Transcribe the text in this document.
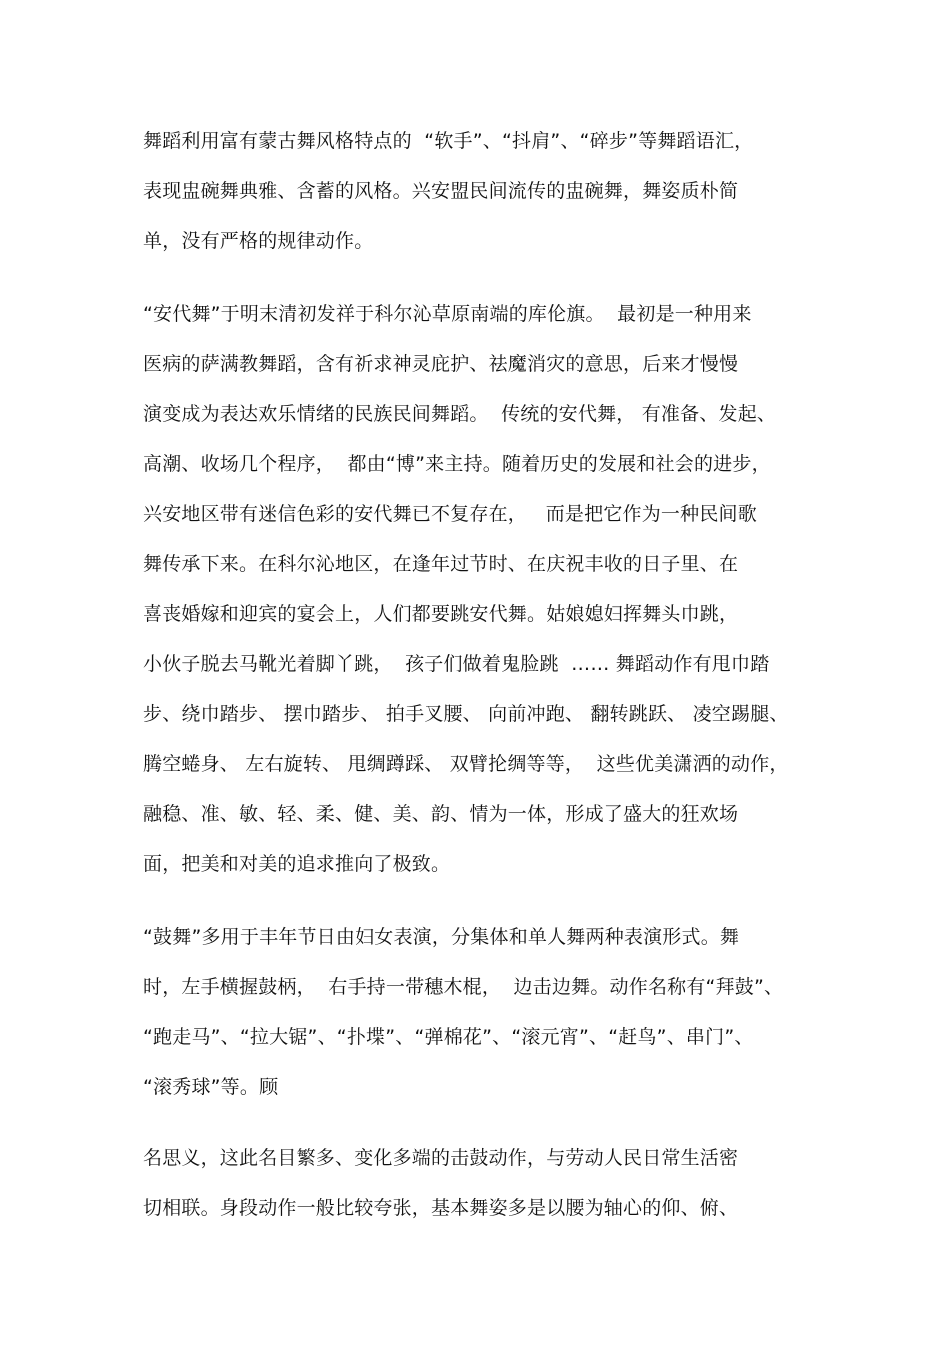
舞蹈利用富有蒙古舞风格特点的  “软手”、“抖肩”、“碎步”等舞蹈语汇，
表现盅碗舞典雅、含蓄的风格。兴安盟民间流传的盅碗舞，舞姿质朴简
单，没有严格的规律动作。
“安代舞”于明末清初发祥于科尔沁草原南端的库伦旗。  最初是一种用来
医病的萨满教舞蹈，含有祈求神灵庇护、祛魔消灾的意思，后来才慢慢
演变成为表达欢乐情绪的民族民间舞蹈。  传统的安代舞， 有准备、发起、
高潮、收场几个程序，  都由“博”来主持。随着历史的发展和社会的进步，
兴安地区带有迷信色彩的安代舞已不复存在，   而是把它作为一种民间歌
舞传承下来。在科尔沁地区，在逢年过节时、在庆祝丰收的日子里、在
喜丧婚嫁和迎宾的宴会上，人们都要跳安代舞。姑娘媳妇挥舞头巾跳，
小伙子脱去马靴光着脚丫跳，  孩子们做着鬼脸跳  …… 舞蹈动作有甩巾踏
步、绕巾踏步、 摆巾踏步、 拍手叉腰、 向前冲跑、 翻转跳跃、 凌空踢腿、
腾空蜷身、 左右旋转、 甩绸蹲踩、 双臂抡绸等等，  这些优美潇洒的动作，
融稳、准、敏、轻、柔、健、美、韵、情为一体，形成了盛大的狂欢场
面，把美和对美的追求推向了极致。
“鼓舞”多用于丰年节日由妇女表演，分集体和单人舞两种表演形式。舞
时，左手横握鼓柄，  右手持一带穗木棍，  边击边舞。动作名称有“拜鼓”、
“跑走马”、“拉大锯”、“扑堞”、“弹棉花”、“滚元宵”、“赶鸟”、串门”、
“滚秀球”等。顾
名思义，这此名目繁多、变化多端的击鼓动作，与劳动人民日常生活密
切相联。身段动作一般比较夸张，基本舞姿多是以腰为轴心的仰、俯、
